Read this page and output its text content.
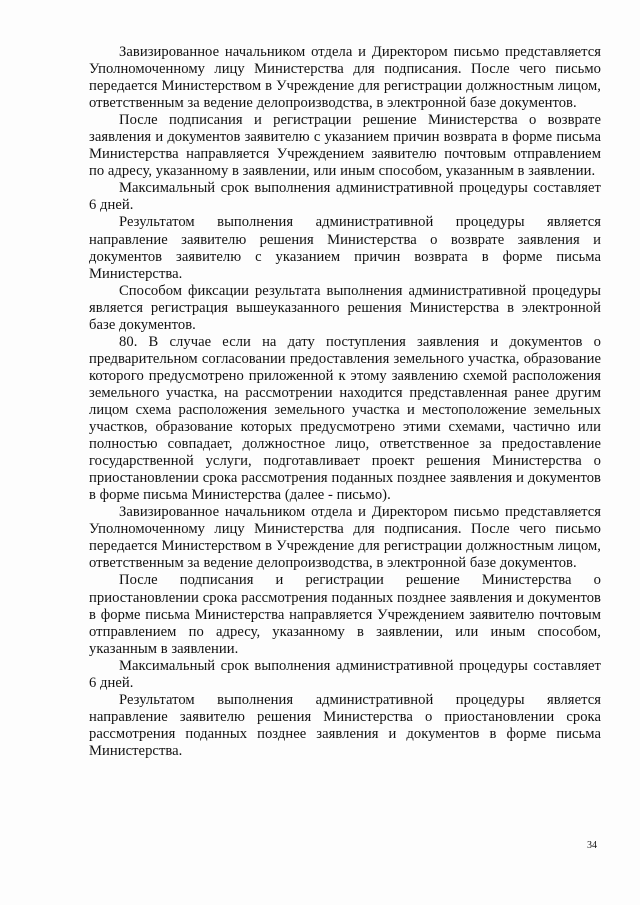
Завизированное начальником отдела и Директором письмо представляется Уполномоченному лицу Министерства для подписания. После чего письмо передается Министерством в Учреждение для регистрации должностным лицом, ответственным за ведение делопроизводства, в электронной базе документов.

После подписания и регистрации решение Министерства о возврате заявления и документов заявителю с указанием причин возврата в форме письма Министерства направляется Учреждением заявителю почтовым отправлением по адресу, указанному в заявлении, или иным способом, указанным в заявлении.

Максимальный срок выполнения административной процедуры составляет 6 дней.

Результатом выполнения административной процедуры является направление заявителю решения Министерства о возврате заявления и документов заявителю с указанием причин возврата в форме письма Министерства.

Способом фиксации результата выполнения административной процедуры является регистрация вышеуказанного решения Министерства в электронной базе документов.

80. В случае если на дату поступления заявления и документов о предварительном согласовании предоставления земельного участка, образование которого предусмотрено приложенной к этому заявлению схемой расположения земельного участка, на рассмотрении находится представленная ранее другим лицом схема расположения земельного участка и местоположение земельных участков, образование которых предусмотрено этими схемами, частично или полностью совпадает, должностное лицо, ответственное за предоставление государственной услуги, подготавливает проект решения Министерства о приостановлении срока рассмотрения поданных позднее заявления и документов в форме письма Министерства (далее - письмо).

Завизированное начальником отдела и Директором письмо представляется Уполномоченному лицу Министерства для подписания. После чего письмо передается Министерством в Учреждение для регистрации должностным лицом, ответственным за ведение делопроизводства, в электронной базе документов.

После подписания и регистрации решение Министерства о приостановлении срока рассмотрения поданных позднее заявления и документов в форме письма Министерства направляется Учреждением заявителю почтовым отправлением по адресу, указанному в заявлении, или иным способом, указанным в заявлении.

Максимальный срок выполнения административной процедуры составляет 6 дней.

Результатом выполнения административной процедуры является направление заявителю решения Министерства о приостановлении срока рассмотрения поданных позднее заявления и документов в форме письма Министерства.

34
